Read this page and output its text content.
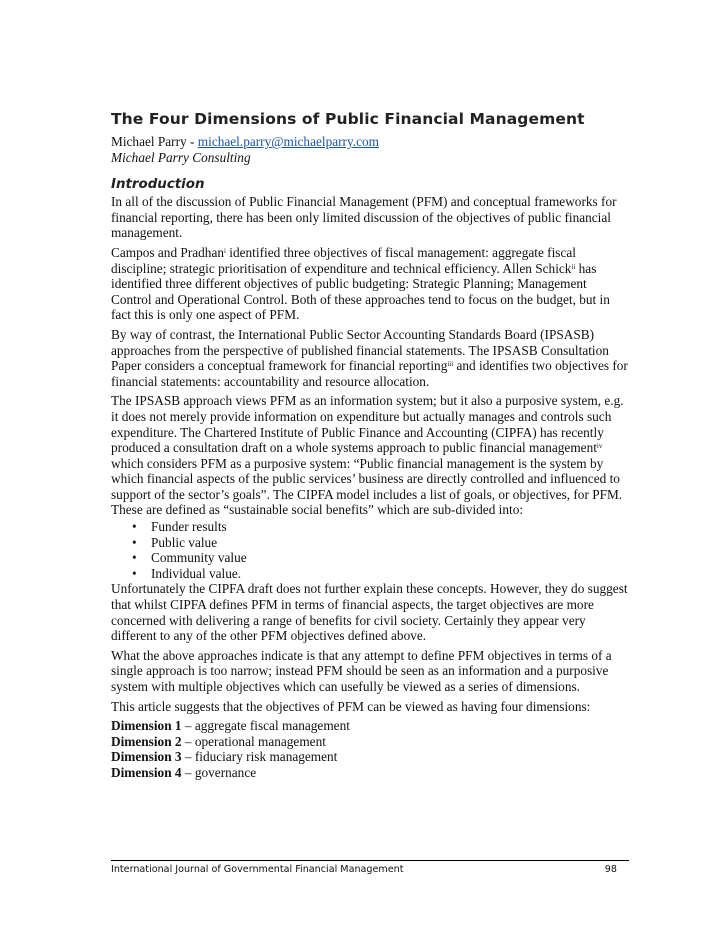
The Four Dimensions of Public Financial Management
Michael Parry - michael.parry@michaelparry.com
Michael Parry Consulting
Introduction

In all of the discussion of Public Financial Management (PFM) and conceptual frameworks for financial reporting, there has been only limited discussion of the objectives of public financial management.

Campos and Pradhan$^i$ identified three objectives of fiscal management: aggregate fiscal discipline; strategic prioritisation of expenditure and technical efficiency. Allen Schick$^{ii}$ has identified three different objectives of public budgeting: Strategic Planning; Management Control and Operational Control. Both of these approaches tend to focus on the budget, but in fact this is only one aspect of PFM.

By way of contrast, the International Public Sector Accounting Standards Board (IPSASB) approaches from the perspective of published financial statements. The IPSASB Consultation Paper considers a conceptual framework for financial reporting$^{iii}$ and identifies two objectives for financial statements: accountability and resource allocation.

The IPSASB approach views PFM as an information system; but it also a purposive system, e.g. it does not merely provide information on expenditure but actually manages and controls such expenditure. The Chartered Institute of Public Finance and Accounting (CIPFA) has recently produced a consultation draft on a whole systems approach to public financial management$^{iv}$ which considers PFM as a purposive system: “Public financial management is the system by which financial aspects of the public services’ business are directly controlled and influenced to support of the sector’s goals”. The CIPFA model includes a list of goals, or objectives, for PFM. These are defined as “sustainable social benefits” which are sub-divided into:

• Funder results
• Public value
• Community value
• Individual value.

Unfortunately the CIPFA draft does not further explain these concepts. However, they do suggest that whilst CIPFA defines PFM in terms of financial aspects, the target objectives are more concerned with delivering a range of benefits for civil society. Certainly they appear very different to any of the other PFM objectives defined above.

What the above approaches indicate is that any attempt to define PFM objectives in terms of a single approach is too narrow; instead PFM should be seen as an information and a purposive system with multiple objectives which can usefully be viewed as a series of dimensions.

This article suggests that the objectives of PFM can be viewed as having four dimensions:

Dimension 1 – aggregate fiscal management
Dimension 2 – operational management
Dimension 3 – fiduciary risk management
Dimension 4 – governance
International Journal of Governmental Financial Management	98
